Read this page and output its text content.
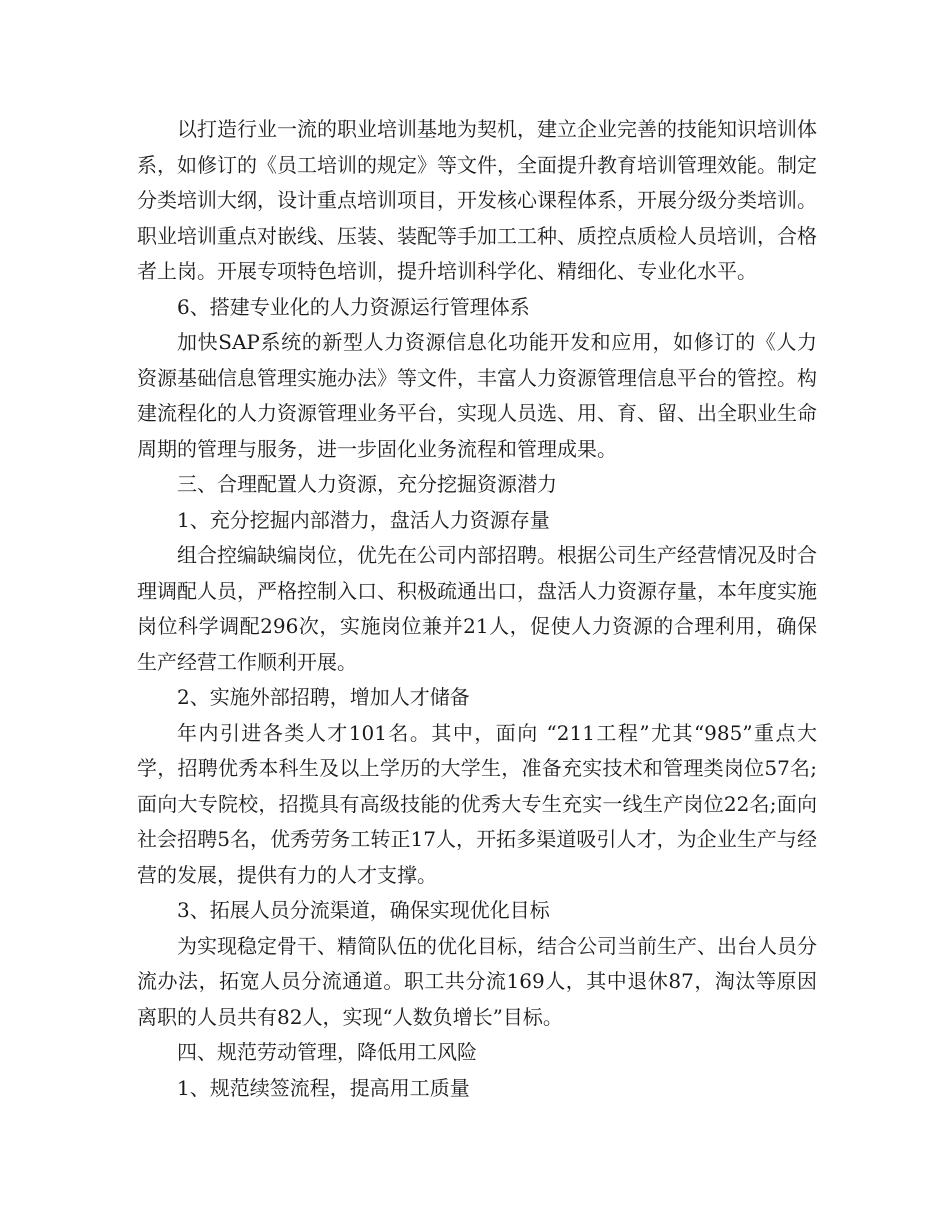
以打造行业一流的职业培训基地为契机，建立企业完善的技能知识培训体系，如修订的《员工培训的规定》等文件，全面提升教育培训管理效能。制定分类培训大纲，设计重点培训项目，开发核心课程体系，开展分级分类培训。职业培训重点对嵌线、压装、装配等手加工工种、质控点质检人员培训，合格者上岗。开展专项特色培训，提升培训科学化、精细化、专业化水平。

6、搭建专业化的人力资源运行管理体系

加快SAP系统的新型人力资源信息化功能开发和应用，如修订的《人力资源基础信息管理实施办法》等文件，丰富人力资源管理信息平台的管控。构建流程化的人力资源管理业务平台，实现人员选、用、育、留、出全职业生命周期的管理与服务，进一步固化业务流程和管理成果。

三、合理配置人力资源，充分挖掘资源潜力

1、充分挖掘内部潜力，盘活人力资源存量

组合控编缺编岗位，优先在公司内部招聘。根据公司生产经营情况及时合理调配人员，严格控制入口、积极疏通出口，盘活人力资源存量，本年度实施岗位科学调配296次，实施岗位兼并21人，促使人力资源的合理利用，确保生产经营工作顺利开展。

2、实施外部招聘，增加人才储备

年内引进各类人才101名。其中，面向 “211工程”尤其“985”重点大学，招聘优秀本科生及以上学历的大学生，准备充实技术和管理类岗位57名;面向大专院校，招揽具有高级技能的优秀大专生充实一线生产岗位22名;面向社会招聘5名，优秀劳务工转正17人，开拓多渠道吸引人才，为企业生产与经营的发展，提供有力的人才支撑。

3、拓展人员分流渠道，确保实现优化目标

为实现稳定骨干、精简队伍的优化目标，结合公司当前生产、出台人员分流办法，拓宽人员分流通道。职工共分流169人，其中退休87，淘汰等原因离职的人员共有82人，实现“人数负增长”目标。

四、规范劳动管理，降低用工风险

1、规范续签流程，提高用工质量
